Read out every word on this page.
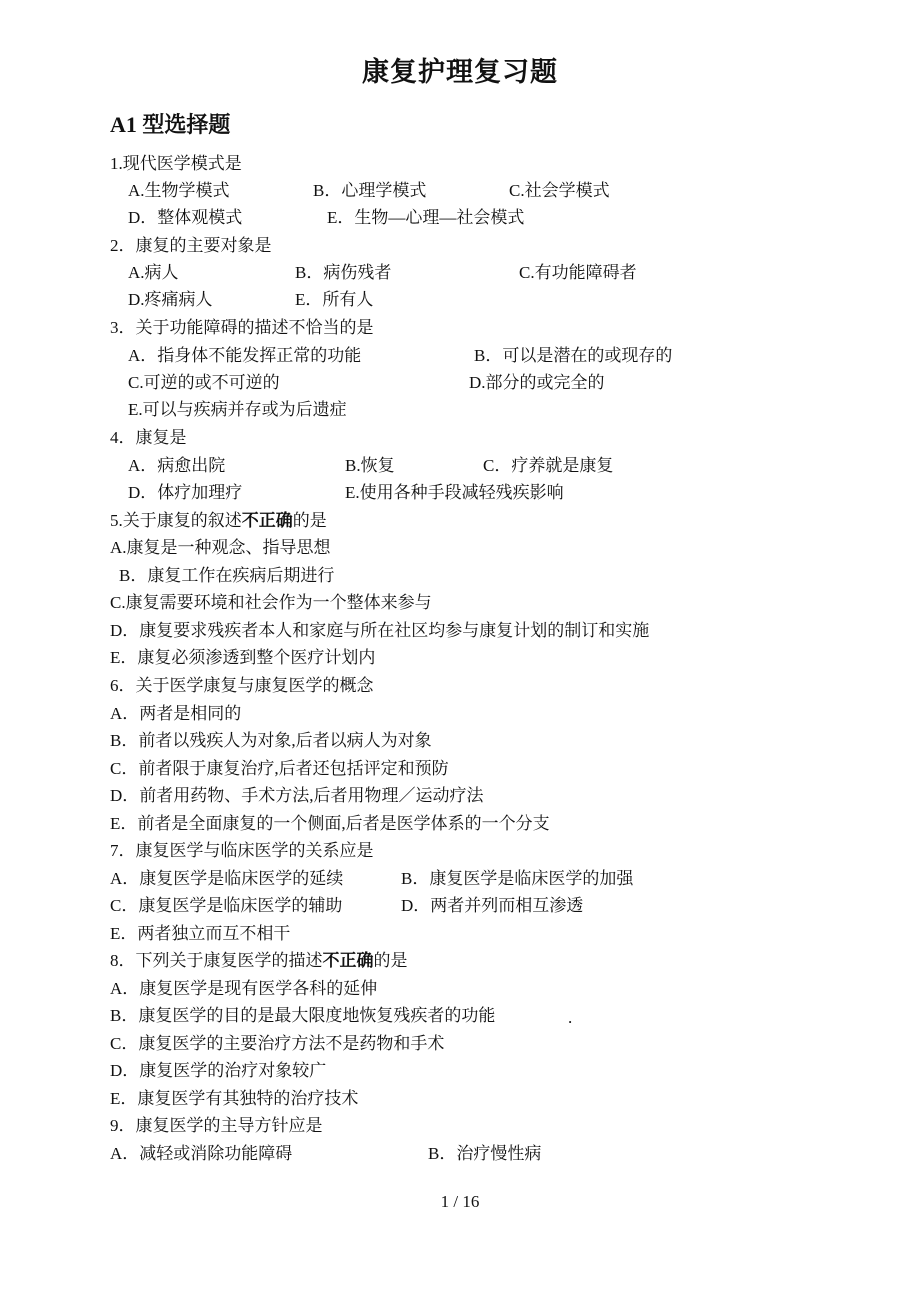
康复护理复习题
A1 型选择题
1.现代医学模式是
A.生物学模式	B．心理学模式	C.社会学模式
D．整体观模式	E．生物—心理—社会模式
2．康复的主要对象是
A.病人	B．病伤残者	C.有功能障碍者
D.疼痛病人	E．所有人
3．关于功能障碍的描述不恰当的是
A．指身体不能发挥正常的功能	B．可以是潜在的或现存的
C.可逆的或不可逆的	D.部分的或完全的
E.可以与疾病并存或为后遗症
4．康复是
A．病愈出院	B.恢复	C．疗养就是康复
D．体疗加理疗	E.使用各种手段减轻残疾影响
5.关于康复的叙述不正确的是
A.康复是一种观念、指导思想
B．康复工作在疾病后期进行
C.康复需要环境和社会作为一个整体来参与
D．康复要求残疾者本人和家庭与所在社区均参与康复计划的制订和实施
E．康复必须渗透到整个医疗计划内
6．关于医学康复与康复医学的概念
A．两者是相同的
B．前者以残疾人为对象,后者以病人为对象
C．前者限于康复治疗,后者还包括评定和预防
D．前者用药物、手术方法,后者用物理／运动疗法
E．前者是全面康复的一个侧面,后者是医学体系的一个分支
7．康复医学与临床医学的关系应是
A．康复医学是临床医学的延续	B．康复医学是临床医学的加强
C．康复医学是临床医学的辅助	D．两者并列而相互渗透
E．两者独立而互不相干
8．下列关于康复医学的描述不正确的是
A．康复医学是现有医学各科的延伸
B．康复医学的目的是最大限度地恢复残疾者的功能	.
C．康复医学的主要治疗方法不是药物和手术
D．康复医学的治疗对象较广
E．康复医学有其独特的治疗技术
9．康复医学的主导方针应是
A．减轻或消除功能障碍	B．治疗慢性病
1 / 16
